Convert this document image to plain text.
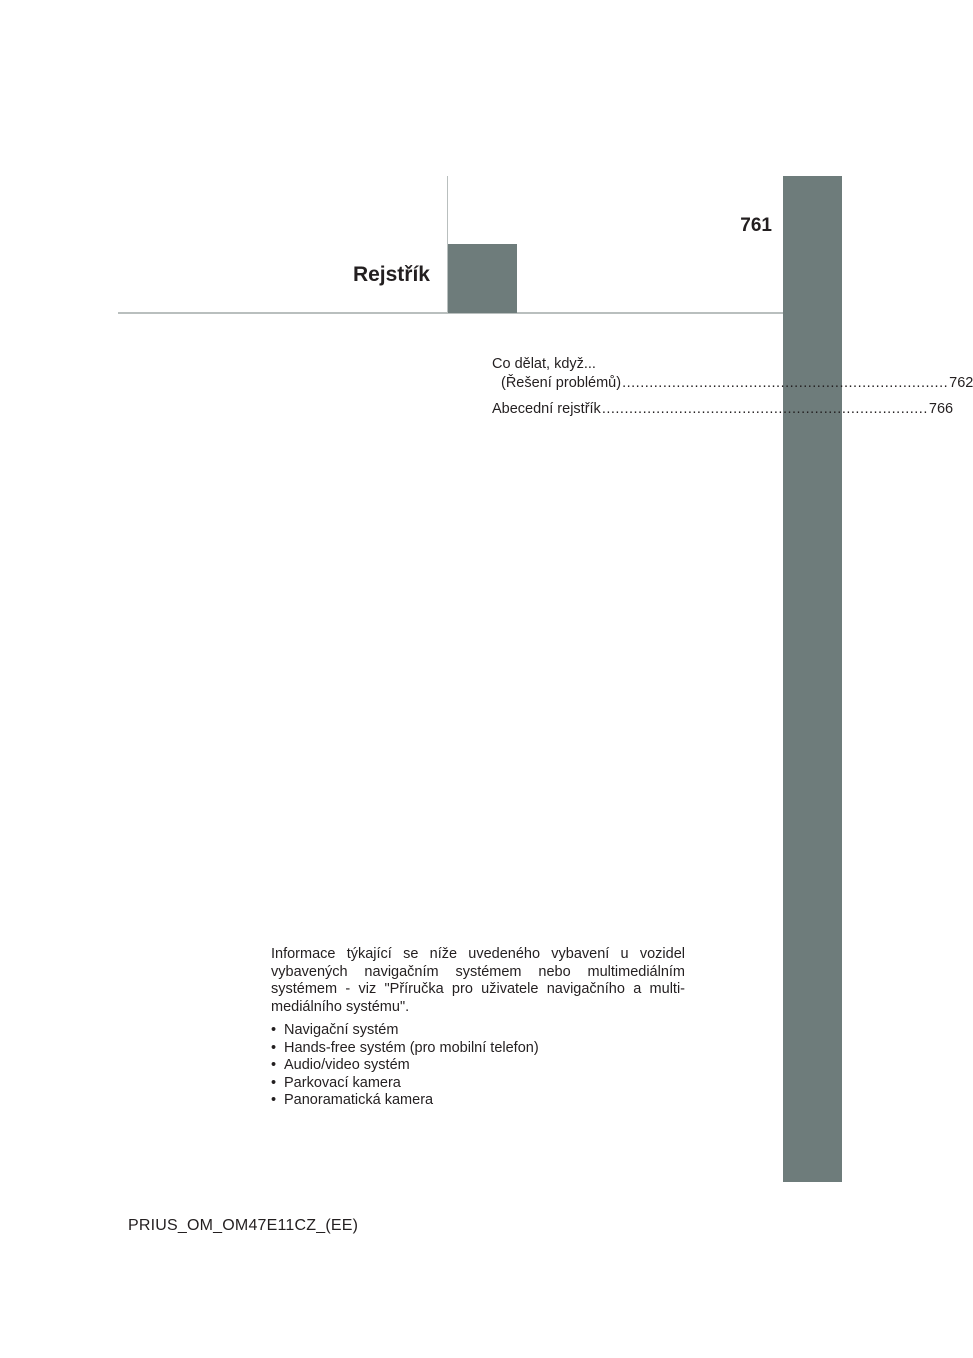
761
Rejstřík
Co dělat, když...
(Řešení problémů) ........................................................................ 762
Abecední rejstřík ........................................................................ 766

Informace týkající se níže uvedeného vybavení u vozidel vybavených navigačním systémem nebo multimediálním systémem - viz "Příručka pro uživatele navigačního a multi-mediálního systému".

• Navigační systém
• Hands-free systém (pro mobilní telefon)
• Audio/video systém
• Parkovací kamera
• Panoramatická kamera
PRIUS_OM_OM47E11CZ_(EE)
